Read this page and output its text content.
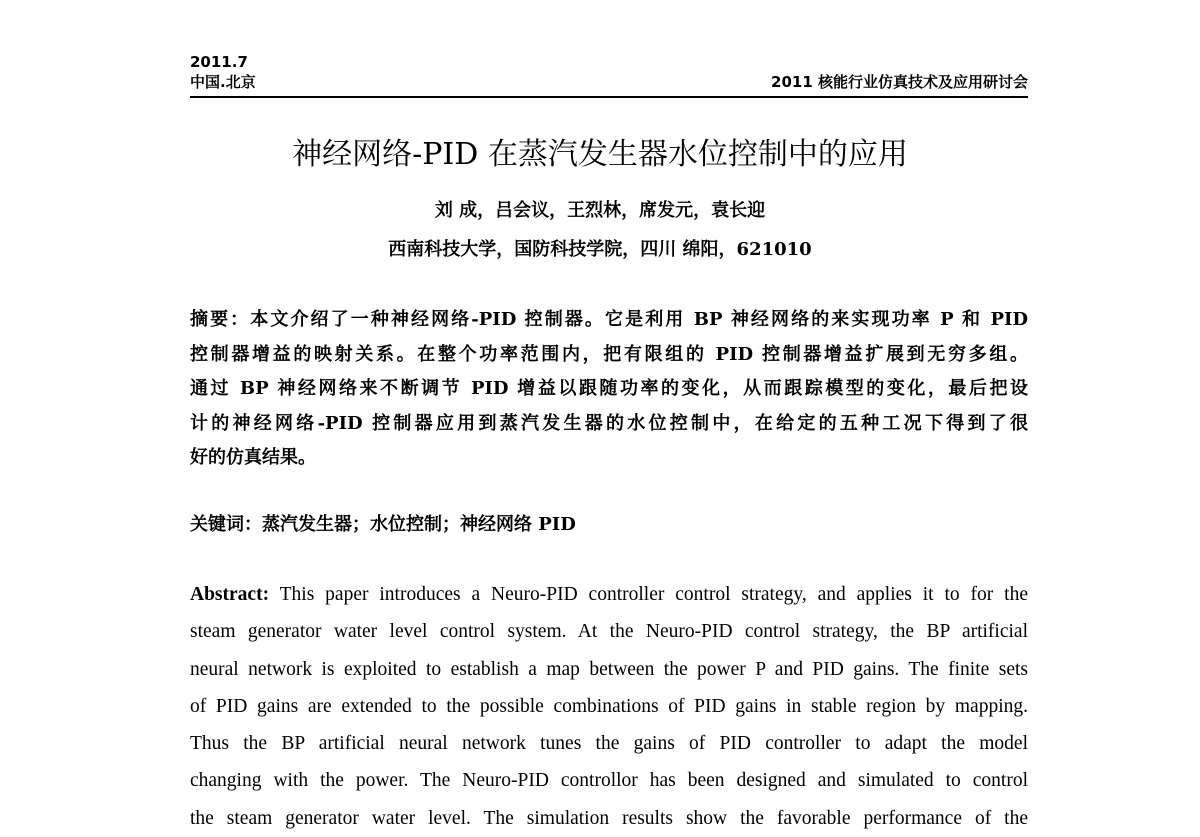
2011.7
中国.北京	2011 核能行业仿真技术及应用研讨会
神经网络-PID 在蒸汽发生器水位控制中的应用
刘 成，吕会议，王烈林，席发元，袁长迎
西南科技大学，国防科技学院，四川 绵阳，621010
摘要：本文介绍了一种神经网络-PID 控制器。它是利用 BP 神经网络的来实现功率 P 和 PID
控制器增益的映射关系。在整个功率范围内，把有限组的 PID 控制器增益扩展到无穷多组。
通过 BP 神经网络来不断调节 PID 增益以跟随功率的变化，从而跟踪模型的变化，最后把设
计的神经网络-PID 控制器应用到蒸汽发生器的水位控制中，在给定的五种工况下得到了很
好的仿真结果。
关键词：蒸汽发生器；水位控制；神经网络 PID
Abstract: This paper introduces a Neuro-PID controller control strategy, and applies it to for the
steam generator water level control system. At the Neuro-PID control strategy, the BP artificial
neural network is exploited to establish a map between the power P and PID gains. The finite sets
of PID gains are extended to the possible combinations of PID gains in stable region by mapping.
Thus the BP artificial neural network tunes the gains of PID controller to adapt the model
changing with the power. The Neuro-PID controllor has been designed and simulated to control
the steam generator water level. The simulation results show the favorable performance of the
